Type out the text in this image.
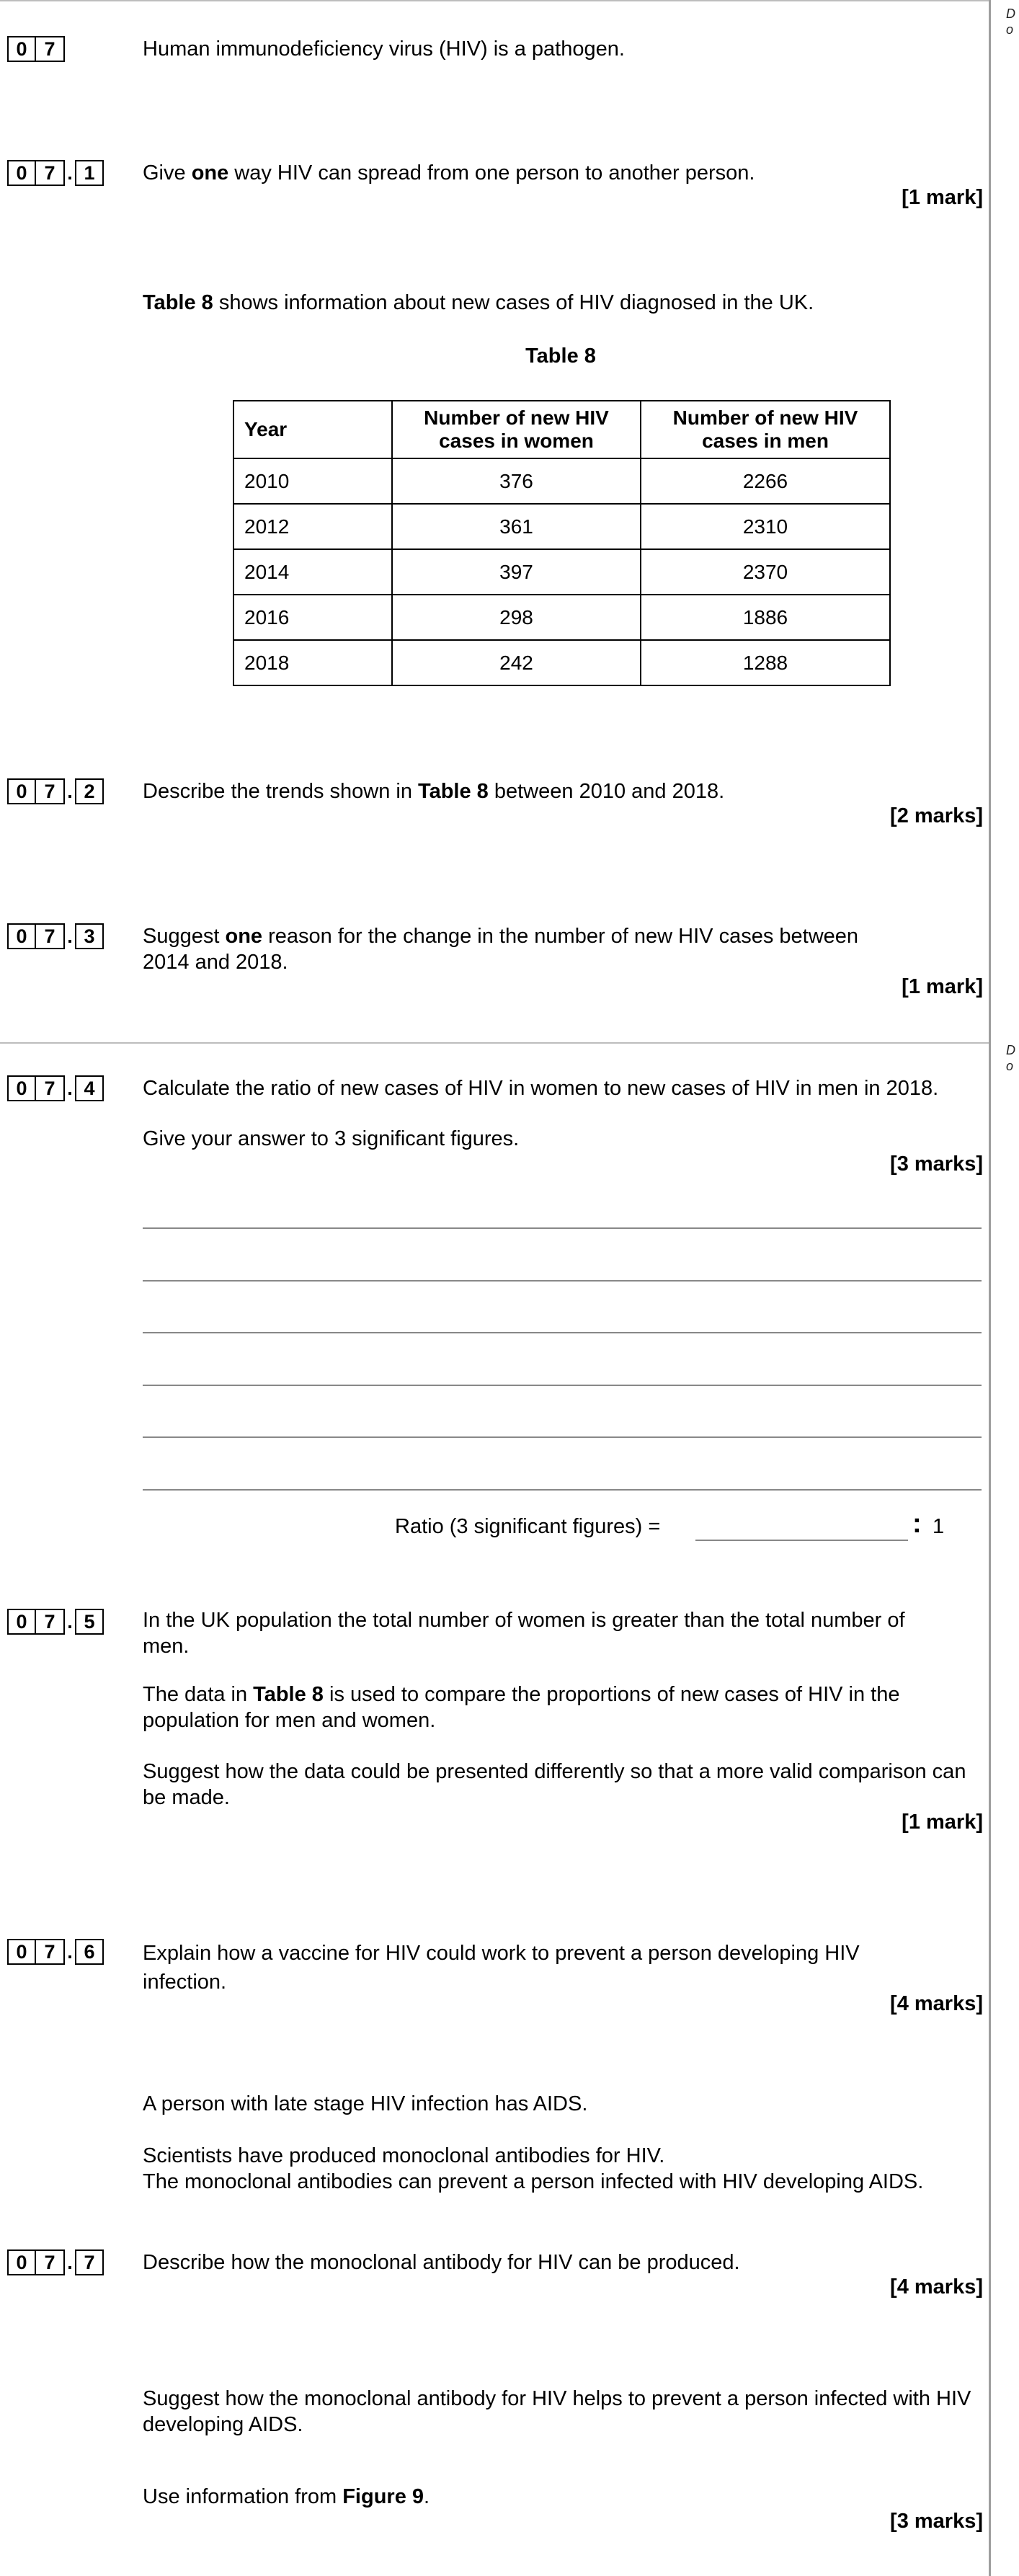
D
o
D
o
0 7	Human immunodeficiency virus (HIV) is a pathogen.
0 7 . 1	Give one way HIV can spread from one person to another person.
[1 mark]
Table 8 shows information about new cases of HIV diagnosed in the UK.
Table 8
Year	Number of new HIV cases in women	Number of new HIV cases in men
2010	376	2266
2012	361	2310
2014	397	2370
2016	298	1886
2018	242	1288
0 7 . 2	Describe the trends shown in Table 8 between 2010 and 2018.
[2 marks]
0 7 . 3	Suggest one reason for the change in the number of new HIV cases between 2014 and 2018.
[1 mark]
0 7 . 4	Calculate the ratio of new cases of HIV in women to new cases of HIV in men in 2018.
Give your answer to 3 significant figures.
[3 marks]
Ratio (3 significant figures) =	: 1
0 7 . 5	In the UK population the total number of women is greater than the total number of men.
The data in Table 8 is used to compare the proportions of new cases of HIV in the population for men and women.
Suggest how the data could be presented differently so that a more valid comparison can be made.
[1 mark]
0 7 . 6	Explain how a vaccine for HIV could work to prevent a person developing HIV infection.
[4 marks]
A person with late stage HIV infection has AIDS.
Scientists have produced monoclonal antibodies for HIV.
The monoclonal antibodies can prevent a person infected with HIV developing AIDS.
0 7 . 7	Describe how the monoclonal antibody for HIV can be produced.
[4 marks]
Suggest how the monoclonal antibody for HIV helps to prevent a person infected with HIV developing AIDS.
Use information from Figure 9.
[3 marks]
